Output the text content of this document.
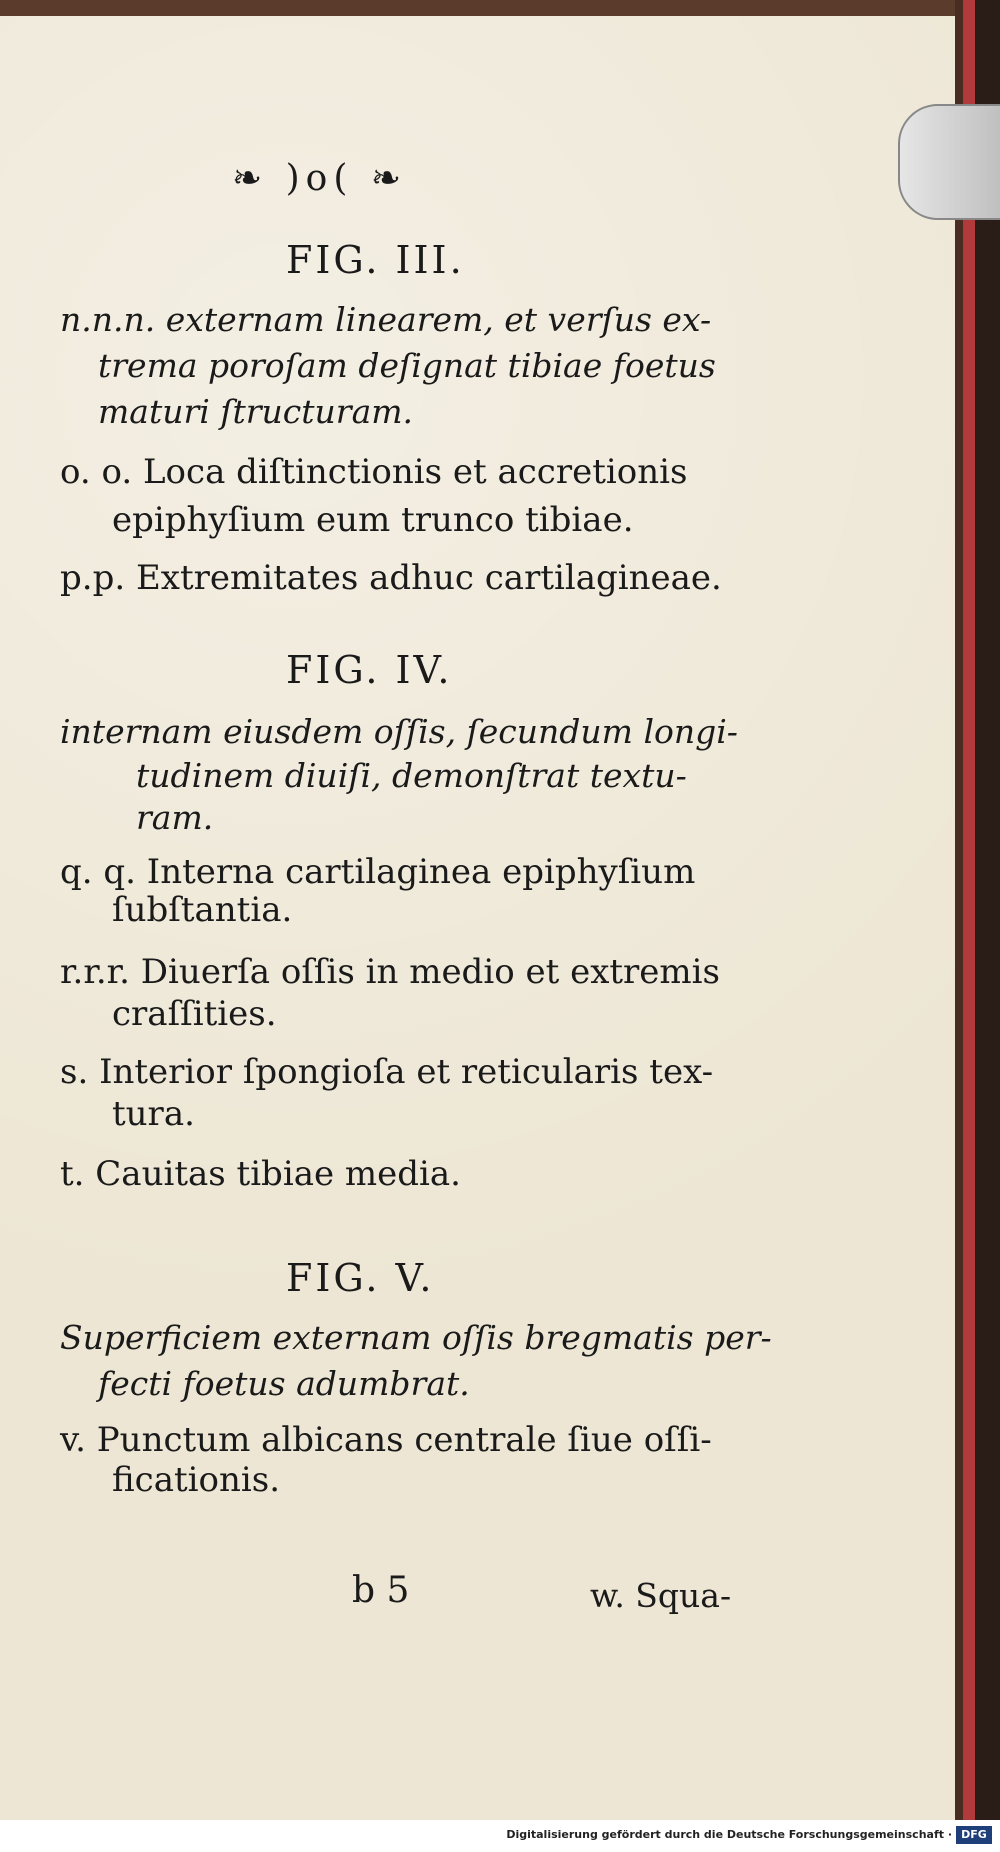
❧ )o( ❧
FIG. III.
n.n.n. externam linearem, et verſus ex-
trema poroſam deſignat tibiae foetus
maturi ſtructuram.
o. o. Loca diſtinctionis et accretionis
epiphyſium eum trunco tibiae.
p.p. Extremitates adhuc cartilagineae.
FIG. IV.
internam eiusdem oſſis, ſecundum longi-
tudinem diuiſi, demonſtrat textu-
ram.
q. q. Interna cartilaginea epiphyſium
ſubſtantia.
r.r.r. Diuerſa oſſis in medio et extremis
craſſities.
s. Interior ſpongioſa et reticularis tex-
tura.
t. Cauitas tibiae media.
FIG. V.
Superficiem externam oſſis bregmatis per-
fecti foetus adumbrat.
v. Punctum albicans centrale ſiue oſſi-
ficationis.
b 5	w. Squa-
Digitalisierung gefördert durch die Deutsche Forschungsgemeinschaft · DFG
